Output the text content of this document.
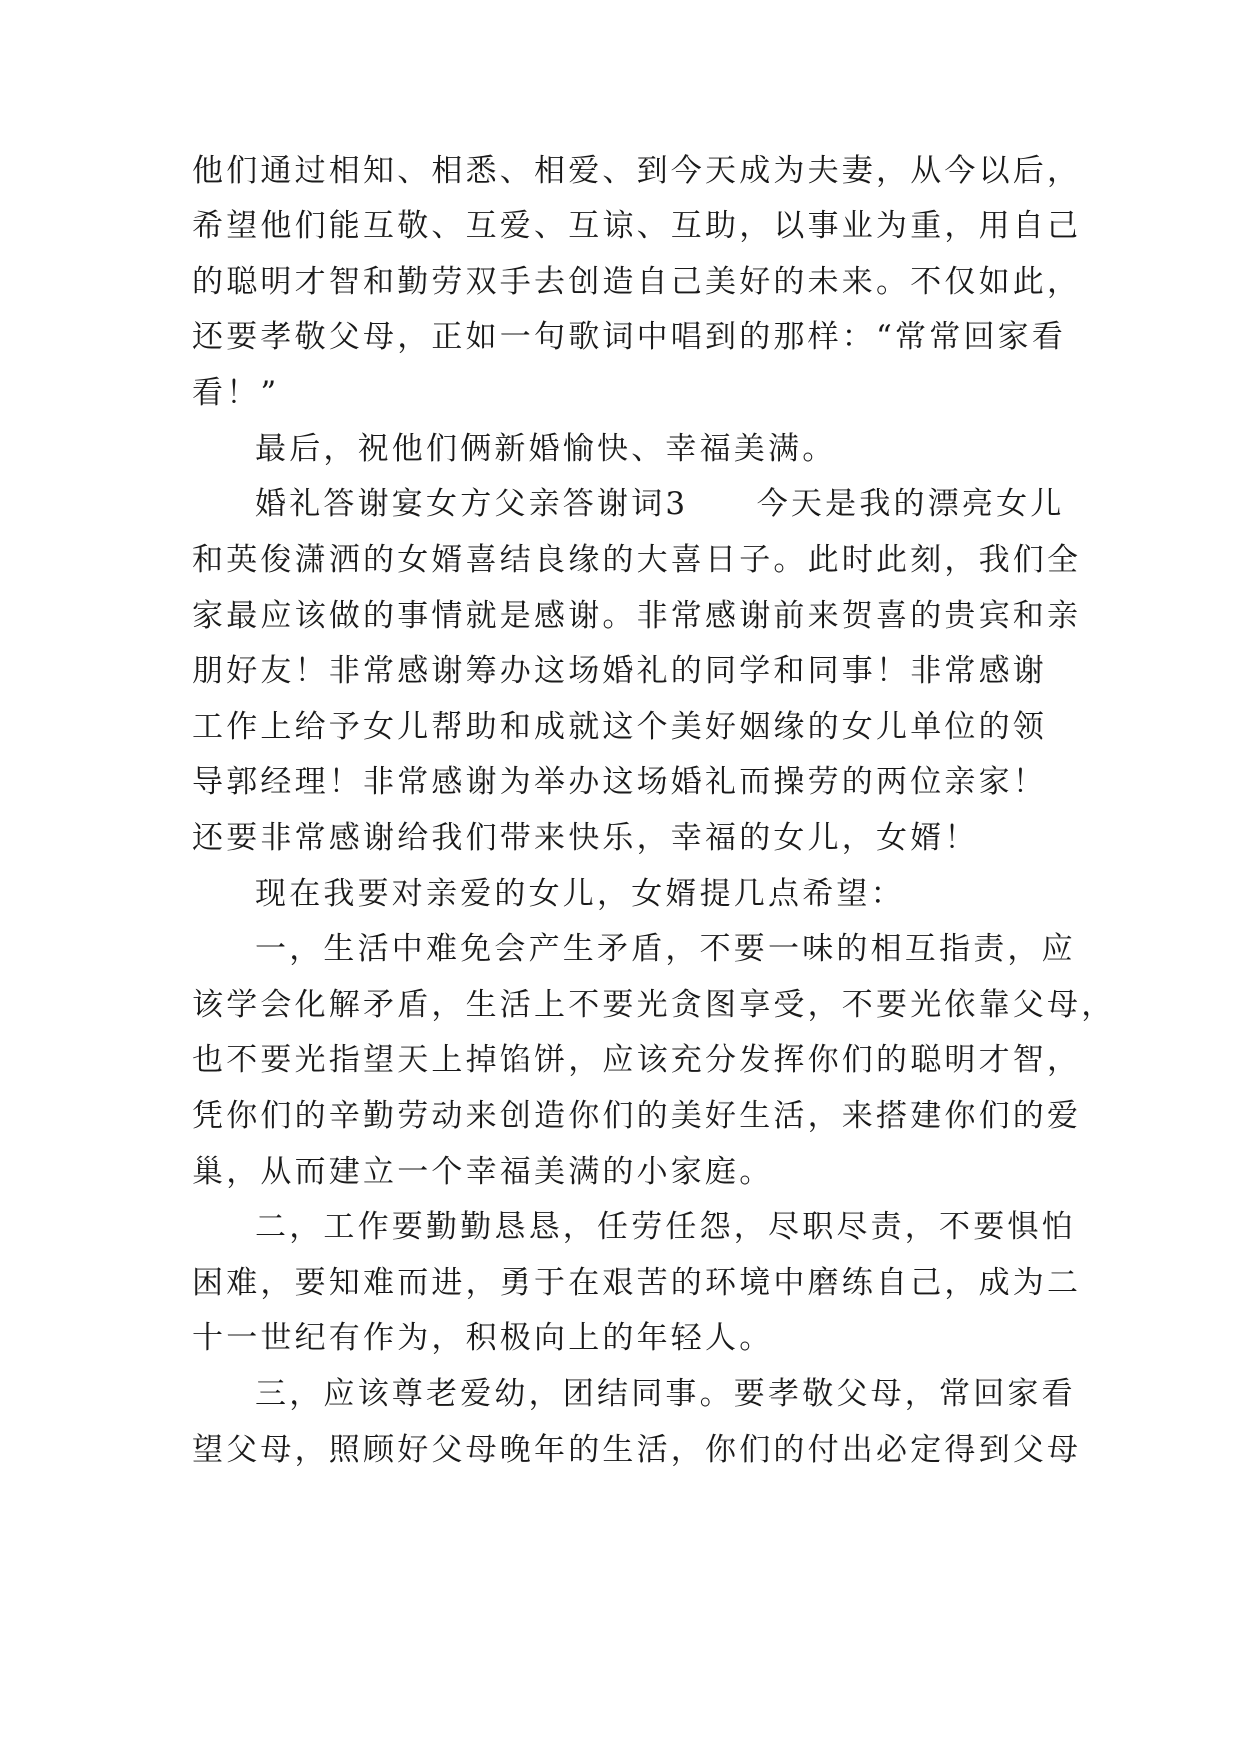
他们通过相知、相悉、相爱、到今天成为夫妻，从今以后，

希望他们能互敬、互爱、互谅、互助，以事业为重，用自己

的聪明才智和勤劳双手去创造自己美好的未来。不仅如此，

还要孝敬父母，正如一句歌词中唱到的那样：“常常回家看

看！”

最后，祝他们俩新婚愉快、幸福美满。

婚礼答谢宴女方父亲答谢词3　　今天是我的漂亮女儿

和英俊潇洒的女婿喜结良缘的大喜日子。此时此刻，我们全

家最应该做的事情就是感谢。非常感谢前来贺喜的贵宾和亲

朋好友！非常感谢筹办这场婚礼的同学和同事！非常感谢

工作上给予女儿帮助和成就这个美好姻缘的女儿单位的领

导郭经理！非常感谢为举办这场婚礼而操劳的两位亲家！

还要非常感谢给我们带来快乐，幸福的女儿，女婿！

现在我要对亲爱的女儿，女婿提几点希望：

一，生活中难免会产生矛盾，不要一味的相互指责，应

该学会化解矛盾，生活上不要光贪图享受，不要光依靠父母，

也不要光指望天上掉馅饼，应该充分发挥你们的聪明才智，

凭你们的辛勤劳动来创造你们的美好生活，来搭建你们的爱

巢，从而建立一个幸福美满的小家庭。

二，工作要勤勤恳恳，任劳任怨，尽职尽责，不要惧怕

困难，要知难而进，勇于在艰苦的环境中磨练自己，成为二

十一世纪有作为，积极向上的年轻人。

三，应该尊老爱幼，团结同事。要孝敬父母，常回家看

望父母，照顾好父母晚年的生活，你们的付出必定得到父母
